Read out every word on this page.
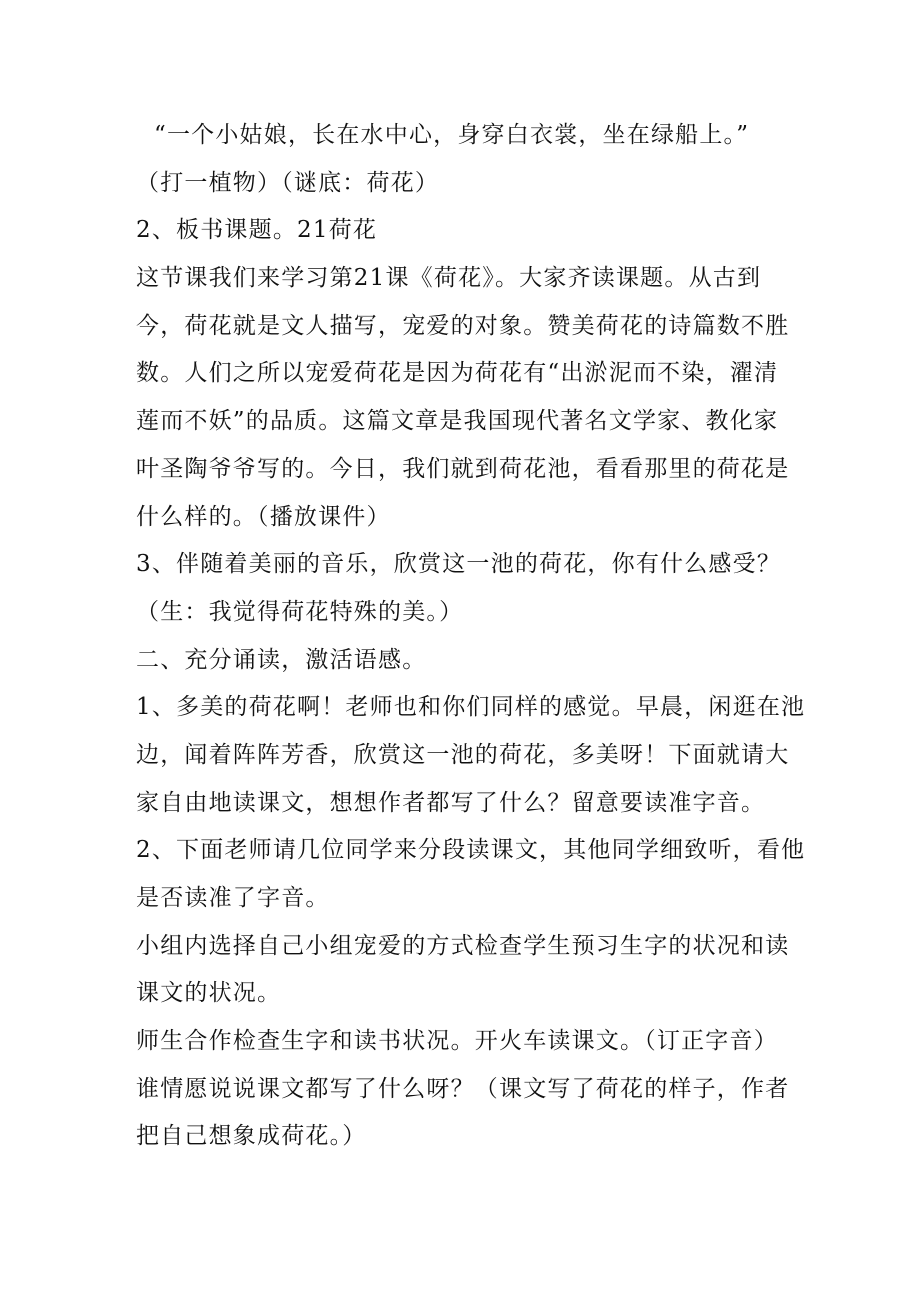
“一个小姑娘，长在水中心，身穿白衣裳，坐在绿船上。”
（打一植物）（谜底：荷花）
2、板书课题。21荷花
这节课我们来学习第21课《荷花》。大家齐读课题。从古到
今，荷花就是文人描写，宠爱的对象。赞美荷花的诗篇数不胜
数。人们之所以宠爱荷花是因为荷花有“出淤泥而不染，濯清
莲而不妖”的品质。这篇文章是我国现代著名文学家、教化家
叶圣陶爷爷写的。今日，我们就到荷花池，看看那里的荷花是
什么样的。（播放课件）
3、伴随着美丽的音乐，欣赏这一池的荷花，你有什么感受？
（生：我觉得荷花特殊的美。）
二、充分诵读，激活语感。
1、多美的荷花啊！老师也和你们同样的感觉。早晨，闲逛在池
边，闻着阵阵芳香，欣赏这一池的荷花，多美呀！下面就请大
家自由地读课文，想想作者都写了什么？留意要读准字音。
2、下面老师请几位同学来分段读课文，其他同学细致听，看他
是否读准了字音。
小组内选择自己小组宠爱的方式检查学生预习生字的状况和读
课文的状况。
师生合作检查生字和读书状况。开火车读课文。（订正字音）
谁情愿说说课文都写了什么呀？（课文写了荷花的样子，作者
把自己想象成荷花。）
